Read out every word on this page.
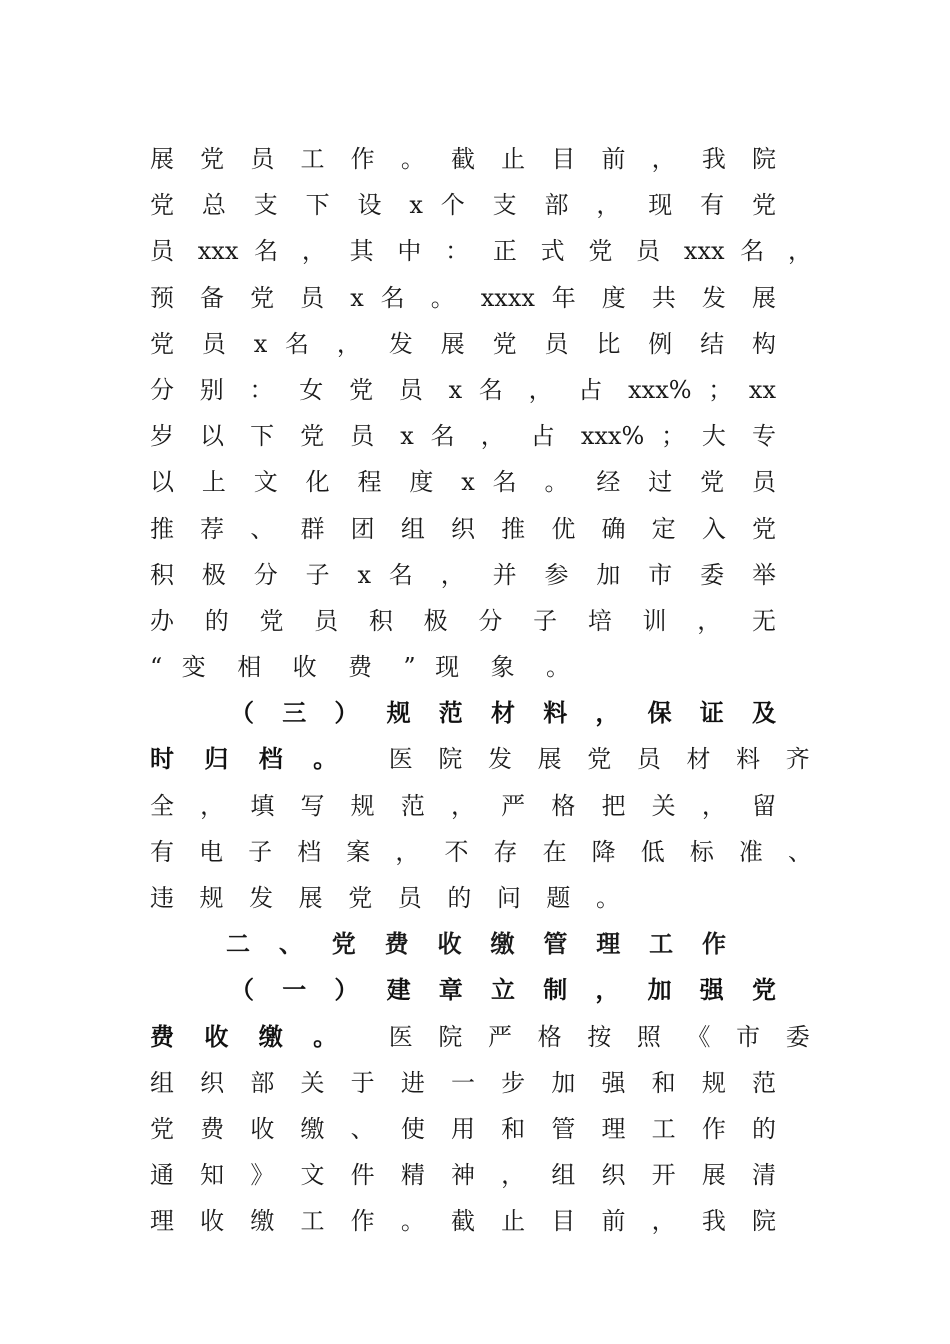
展 党 员 工 作 。 截 止 目 前 ， 我 院
党 总 支 下 设 x 个 支 部 ， 现 有 党
员 xxx 名 ， 其 中 ： 正 式 党 员 xxx 名 ，
预 备 党 员 x 名 。 xxxx 年 度 共 发 展
党 员 x 名 ， 发 展 党 员 比 例 结 构
分 别 ： 女 党 员 x 名 ， 占 xxx% ； xx
岁 以 下 党 员 x 名 ， 占 xxx% ； 大 专
以 上 文 化 程 度 x 名 。 经 过 党 员
推 荐 、 群 团 组 织 推 优 确 定 入 党
积 极 分 子 x 名 ， 并 参 加 市 委 举
办 的 党 员 积 极 分 子 培 训 ， 无
“ 变 相 收 费 ” 现 象 。
（ 三 ） 规 范 材 料 ， 保 证 及
时 归 档 。 医 院 发 展 党 员 材 料 齐
全 ， 填 写 规 范 ， 严 格 把 关 ， 留
有 电 子 档 案 ， 不 存 在 降 低 标 准 、
违 规 发 展 党 员 的 问 题 。
二 、 党 费 收 缴 管 理 工 作
（ 一 ） 建 章 立 制 ， 加 强 党
费 收 缴 。 医 院 严 格 按 照 《 市 委
组 织 部 关 于 进 一 步 加 强 和 规 范
党 费 收 缴 、 使 用 和 管 理 工 作 的
通 知 》 文 件 精 神 ， 组 织 开 展 清
理 收 缴 工 作 。 截 止 目 前 ， 我 院
